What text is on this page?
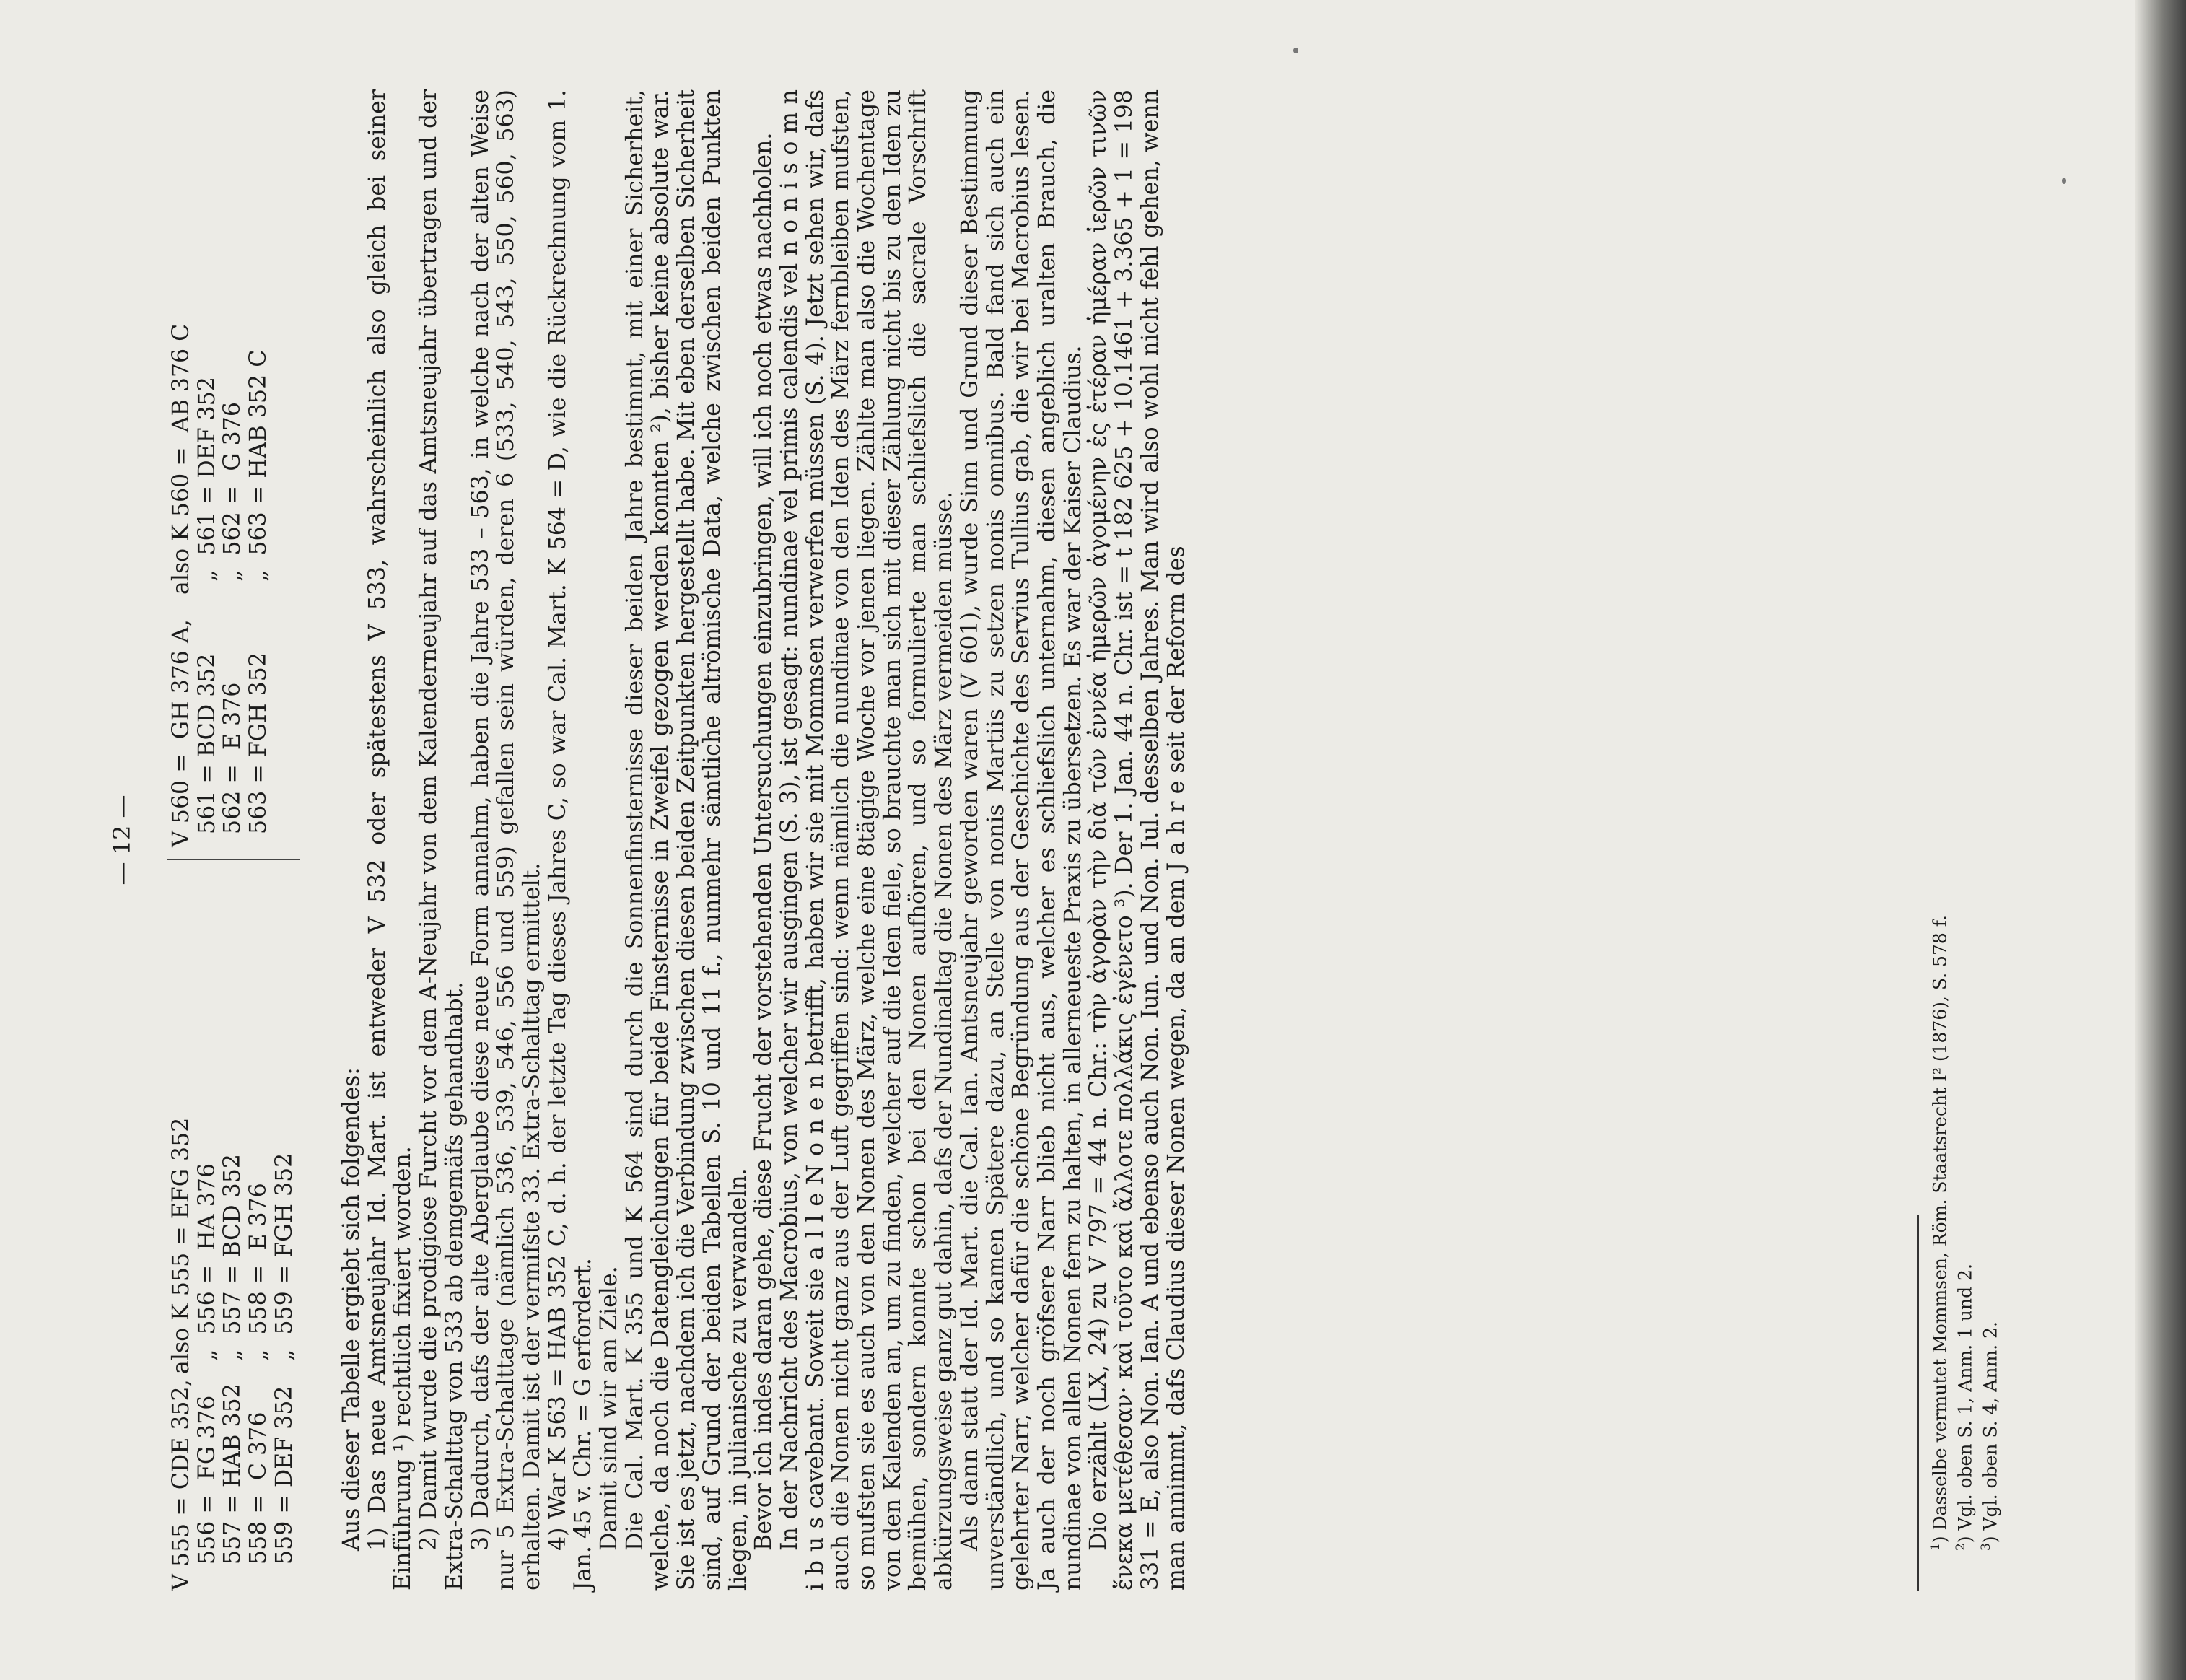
— 12 —
V 555 = CDE 352, 556 =  FG 376 557 = HAB 352 558 =  C 376 559 = DEF 352
also K 555 = EFG 352 „  556 =  HA 376 „  557 = BCD 352 „  558 =  E 376 „  559 = FGH 352
V 560 =  GH 376 A, 561 = BCD 352 562 =  E 376 563 = FGH 352
also K 560 =  AB 376 C „  561 = DEF 352 „  562 =  G 376 „  563 = HAB 352 C

Aus dieser Tabelle ergiebt sich folgendes: 1) Das neue Amtsneujahr Id. Mart. ist entweder V 532 oder spätestens V 533, wahrscheinlich also gleich bei seiner Einführung ¹) rechtlich fixiert worden. 2) Damit wurde die prodigiose Furcht vor dem A-Neujahr von dem Kalenderneujahr auf das Amtsneujahr übertragen und der Extra-Schalttag von 533 ab demgemäfs gehandhabt. 3) Dadurch, dafs der alte Aberglaube diese neue Form annahm, haben die Jahre 533 – 563, in welche nach der alten Weise nur 5 Extra-Schalttage (nämlich 536, 539, 546, 556 und 559) gefallen sein würden, deren 6 (533, 540, 543, 550, 560, 563) erhalten. Damit ist der vermifste 33. Extra-Schalttag ermittelt. 4) War K 563 = HAB 352 C, d. h. der letzte Tag dieses Jahres C, so war Cal. Mart. K 564 = D, wie die Rückrechnung vom 1. Jan. 45 v. Chr. = G erfordert. Damit sind wir am Ziele. Die Cal. Mart. K 355 und K 564 sind durch die Sonnenfinsternisse dieser beiden Jahre bestimmt, mit einer Sicherheit, welche, da noch die Datengleichungen für beide Finsternisse in Zweifel gezogen werden konnten ²), bisher keine absolute war. Sie ist es jetzt, nachdem ich die Verbindung zwischen diesen beiden Zeitpunkten hergestellt habe. Mit eben derselben Sicherheit sind, auf Grund der beiden Tabellen S. 10 und 11 f., nunmehr sämtliche altrömische Data, welche zwischen beiden Punkten liegen, in julianische zu verwandeln. Bevor ich indes daran gehe, diese Frucht der vorstehenden Untersuchungen einzubringen, will ich noch etwas nachholen. In der Nachricht des Macrobius, von welcher wir ausgingen (S. 3), ist gesagt: nundinae vel primis calendis vel n o n i s o m n i b u s cavebant. Soweit sie a l l e N o n e n betrifft, haben wir sie mit Mommsen verwerfen müssen (S. 4). Jetzt sehen wir, dafs auch die Nonen nicht ganz aus der Luft gegriffen sind: wenn nämlich die nundinae von den Iden des März fernbleiben mufsten, so mufsten sie es auch von den Nonen des März, welche eine 8tägige Woche vor jenen liegen. Zählte man also die Wochentage von den Kalenden an, um zu finden, welcher auf die Iden fiele, so brauchte man sich mit dieser Zählung nicht bis zu den Iden zu bemühen, sondern konnte schon bei den Nonen aufhören, und so formulierte man schliefslich die sacrale Vorschrift abkürzungsweise ganz gut dahin, dafs der Nundinaltag die Nonen des März vermeiden müsse. Als dann statt der Id. Mart. die Cal. Ian. Amtsneujahr geworden waren (V 601), wurde Sinn und Grund dieser Bestimmung unverständlich, und so kamen Spätere dazu, an Stelle von nonis Martiis zu setzen nonis omnibus. Bald fand sich auch ein gelehrter Narr, welcher dafür die schöne Begründung aus der Geschichte des Servius Tullius gab, die wir bei Macrobius lesen. Ja auch der noch gröfsere Narr blieb nicht aus, welcher es schliefslich unternahm, diesen angeblich uralten Brauch, die nundinae von allen Nonen fern zu halten, in allerneueste Praxis zu übersetzen. Es war der Kaiser Claudius. Dio erzählt (LX, 24) zu V 797 = 44 n. Chr.: τὴν ἀγορὰν τὴν διὰ τῶν ἐννέα ἡμερῶν ἀγομένην ἐς ἑτέραν ἡμέραν ἱερῶν τινῶν ἕνεκα μετέθεσαν· καὶ τοῦτο καὶ ἄλλοτε πολλάκις ἐγένετο ³). Der 1. Jan. 44 n. Chr. ist = t 182 625 + 10.1461 + 3.365 + 1 = 198 331 = E, also Non. Ian. A und ebenso auch Non. Iun. und Non. Iul. desselben Jahres. Man wird also wohl nicht fehl gehen, wenn man annimmt, dafs Claudius dieser Nonen wegen, da an dem J a h r e seit der Reform des	$^1$) Dasselbe vermutet Mommsen, Röm. Staatsrecht I² (1876), S. 578 f.

$^2$) Vgl. oben S. 1, Anm. 1 und 2.

$^3$) Vgl. oben S. 4, Anm. 2.
